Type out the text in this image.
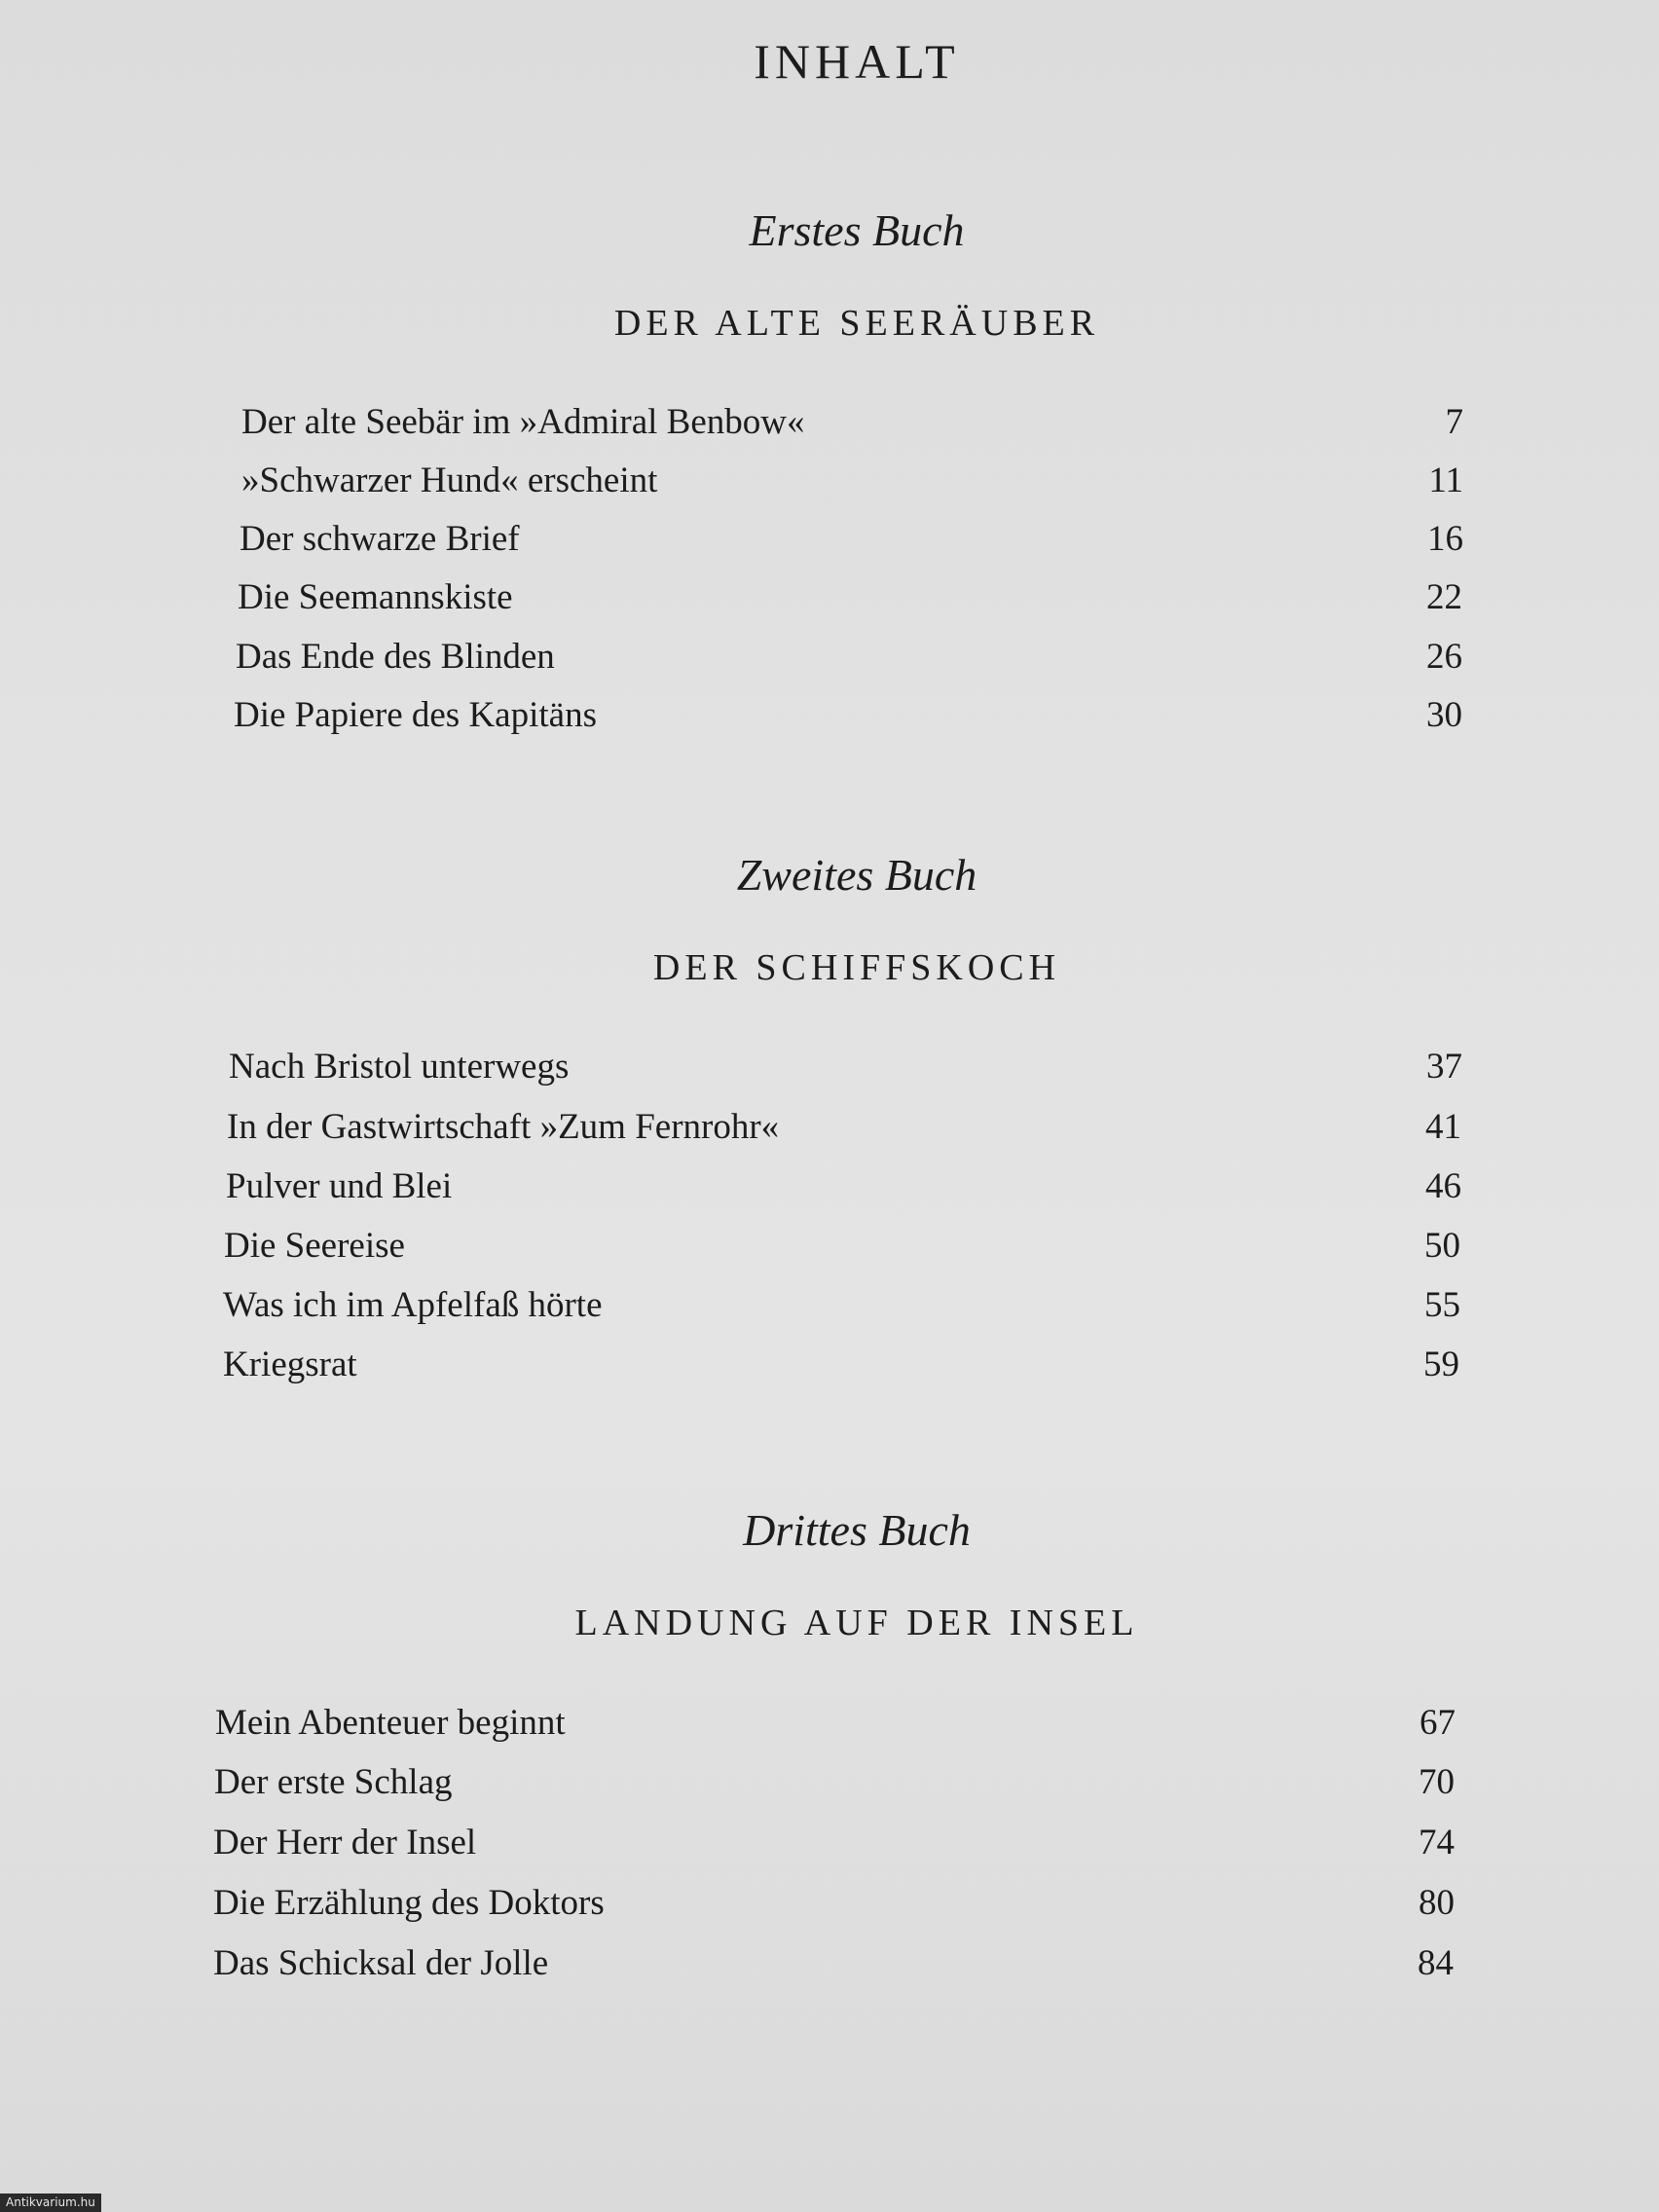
INHALT
Erstes Buch
DER ALTE SEERÄUBER
Der alte Seebär im »Admiral Benbow«	7
»Schwarzer Hund« erscheint	11
Der schwarze Brief	16
Die Seemannskiste	22
Das Ende des Blinden	26
Die Papiere des Kapitäns	30
Zweites Buch
DER SCHIFFSKOCH
Nach Bristol unterwegs	37
In der Gastwirtschaft »Zum Fernrohr«	41
Pulver und Blei	46
Die Seereise	50
Was ich im Apfelfaß hörte	55
Kriegsrat	59
Drittes Buch
LANDUNG AUF DER INSEL
Mein Abenteuer beginnt	67
Der erste Schlag	70
Der Herr der Insel	74
Die Erzählung des Doktors	80
Das Schicksal der Jolle	84
Antikvarium.hu
